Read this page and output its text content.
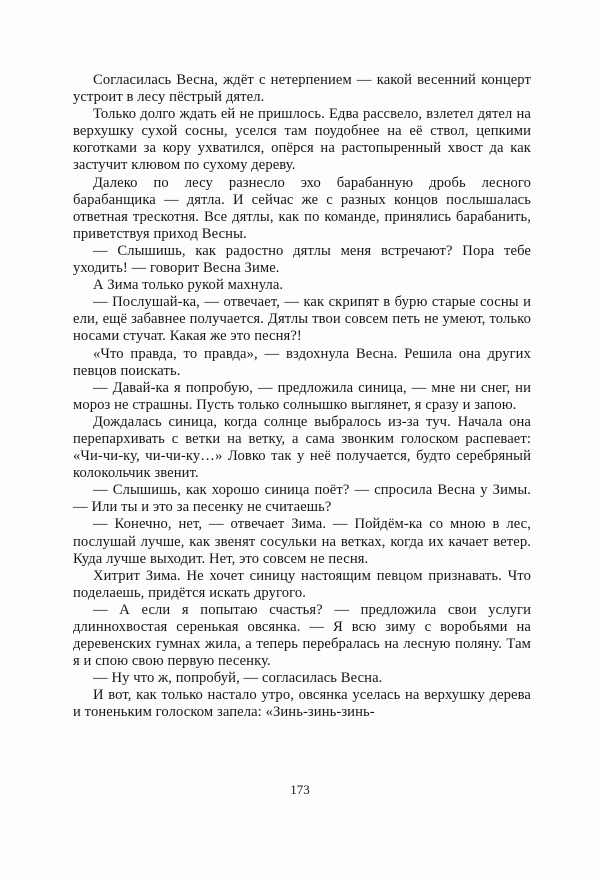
Согласилась Весна, ждёт с нетерпением — какой весенний концерт устроит в лесу пёстрый дятел.

Только долго ждать ей не пришлось. Едва рассвело, взлетел дятел на верхушку сухой сосны, уселся там поудобнее на её ствол, цепкими коготками за кору ухватился, опёрся на растопыренный хвост да как застучит клювом по сухому дереву.

Далеко по лесу разнесло эхо барабанную дробь лесного барабанщика — дятла. И сейчас же с разных концов послышалась ответная трескотня. Все дятлы, как по команде, принялись барабанить, приветствуя приход Весны.

— Слышишь, как радостно дятлы меня встречают? Пора тебе уходить! — говорит Весна Зиме.

А Зима только рукой махнула.

— Послушай-ка, — отвечает, — как скрипят в бурю старые сосны и ели, ещё забавнее получается. Дятлы твои совсем петь не умеют, только носами стучат. Какая же это песня?!

«Что правда, то правда», — вздохнула Весна. Решила она других певцов поискать.

— Давай-ка я попробую, — предложила синица, — мне ни снег, ни мороз не страшны. Пусть только солнышко выглянет, я сразу и запою.

Дождалась синица, когда солнце выбралось из-за туч. Начала она перепархивать с ветки на ветку, а сама звонким голоском распевает: «Чи-чи-ку, чи-чи-ку…» Ловко так у неё получается, будто серебряный колокольчик звенит.

— Слышишь, как хорошо синица поёт? — спросила Весна у Зимы. — Или ты и это за песенку не считаешь?

— Конечно, нет, — отвечает Зима. — Пойдём-ка со мною в лес, послушай лучше, как звенят сосульки на ветках, когда их качает ветер. Куда лучше выходит. Нет, это совсем не песня.

Хитрит Зима. Не хочет синицу настоящим певцом признавать. Что поделаешь, придётся искать другого.

— А если я попытаю счастья? — предложила свои услуги длиннохвостая серенькая овсянка. — Я всю зиму с воробьями на деревенских гумнах жила, а теперь перебралась на лесную поляну. Там я и спою свою первую песенку.

— Ну что ж, попробуй, — согласилась Весна.

И вот, как только настало утро, овсянка уселась на верхушку дерева и тоненьким голоском запела: «Зинь-зинь-зинь-

173
